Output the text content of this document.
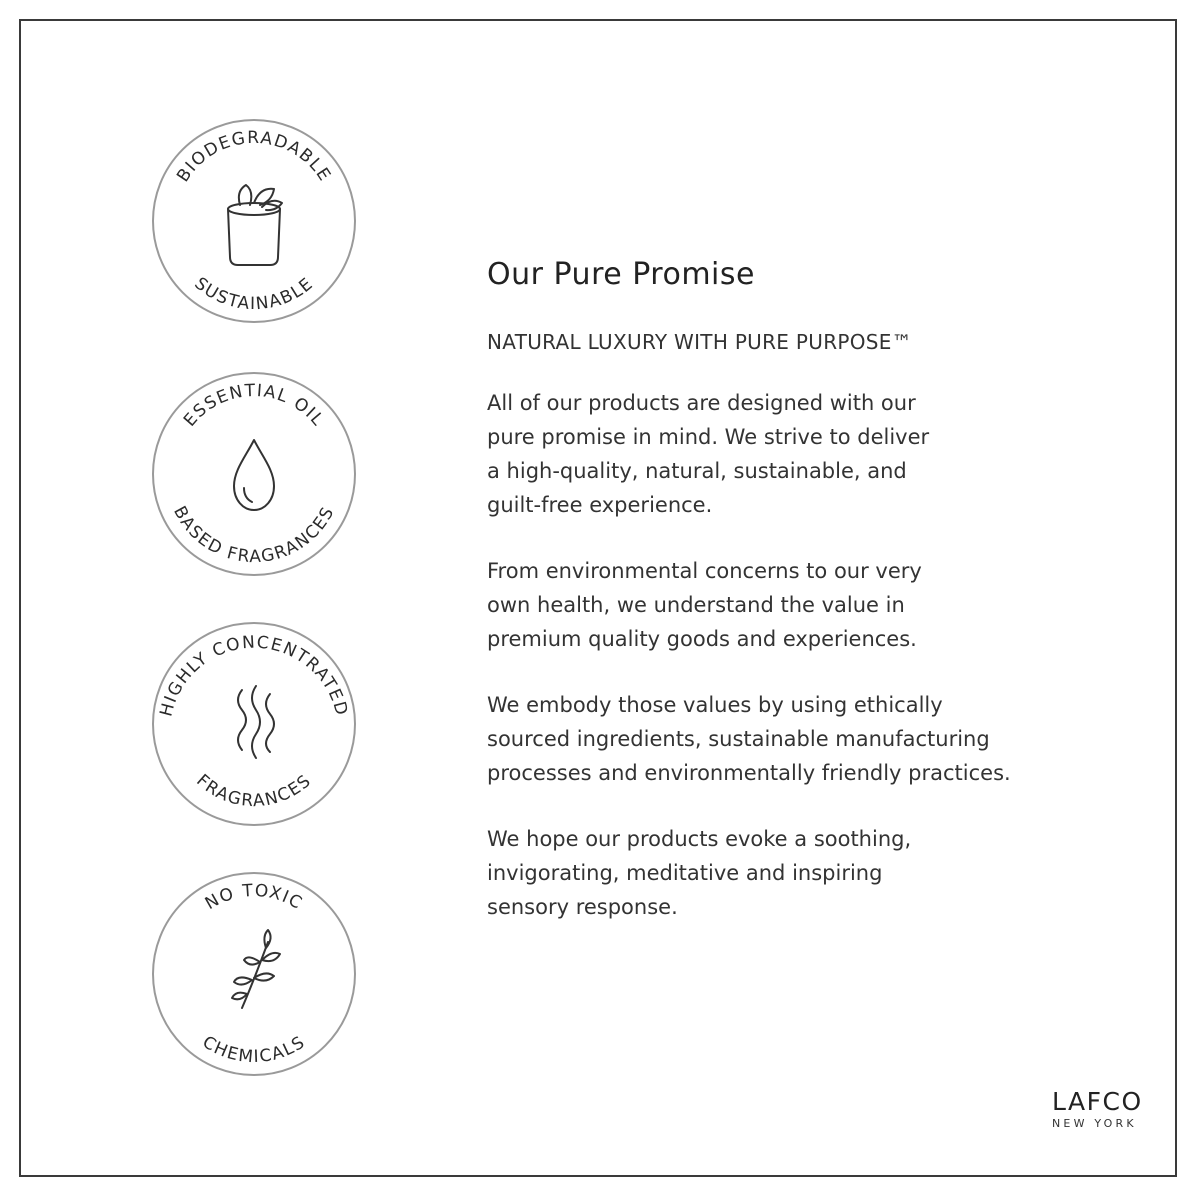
BIODEGRADABLE
SUSTAINABLE
ESSENTIAL OIL
BASED FRAGRANCES
HIGHLY CONCENTRATED
FRAGRANCES
NO TOXIC
CHEMICALS
Our Pure Promise
NATURAL LUXURY WITH PURE PURPOSE™
All of our products are designed with our
pure promise in mind. We strive to deliver
a high-quality, natural, sustainable, and
guilt-free experience.
From environmental concerns to our very
own health, we understand the value in
premium quality goods and experiences.
We embody those values by using ethically
sourced ingredients, sustainable manufacturing
processes and environmentally friendly practices.
We hope our products evoke a soothing,
invigorating, meditative and inspiring
sensory response.
LAFCO
NEW YORK
